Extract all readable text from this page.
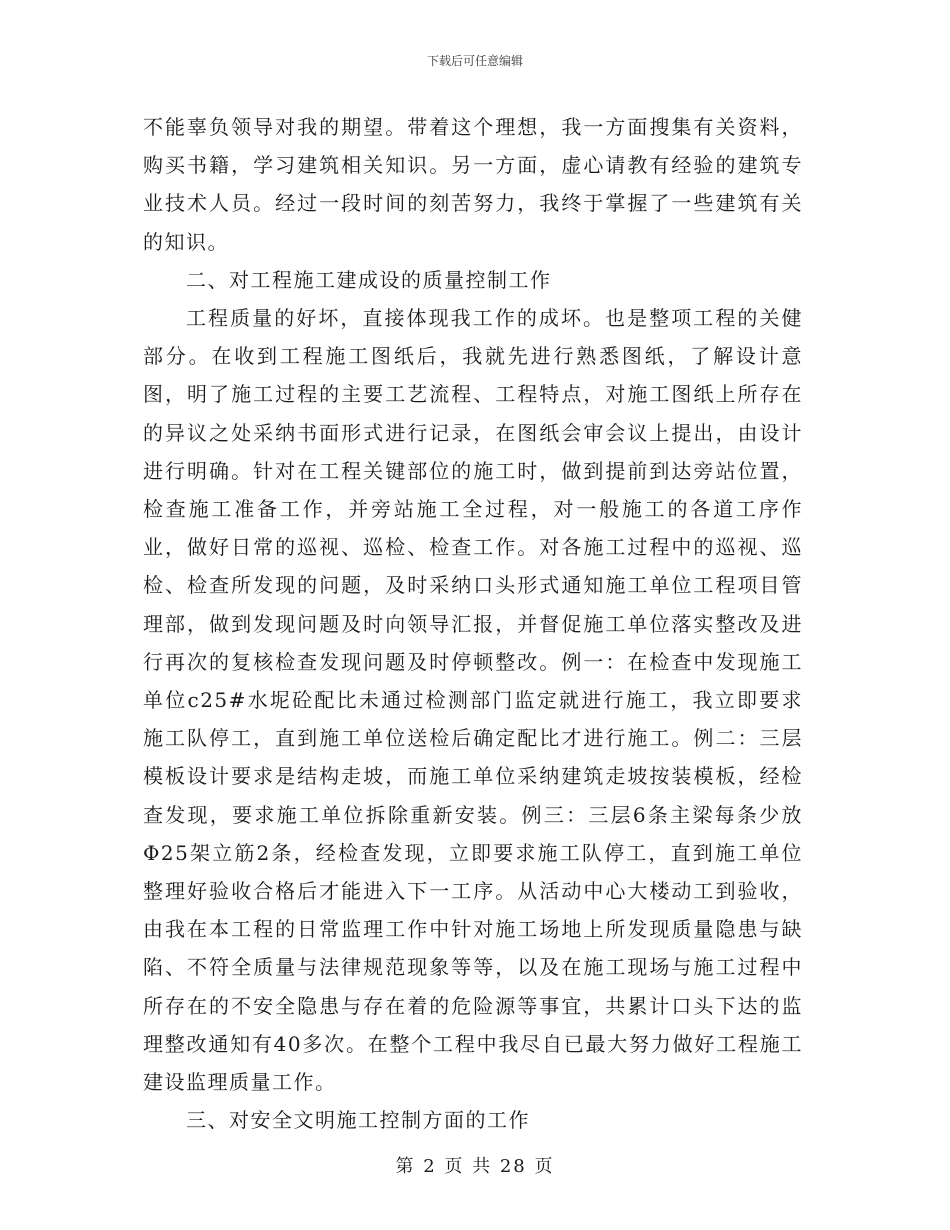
下载后可任意编辑

不能辜负领导对我的期望。带着这个理想，我一方面搜集有关资料，购买书籍，学习建筑相关知识。另一方面，虚心请教有经验的建筑专业技术人员。经过一段时间的刻苦努力，我终于掌握了一些建筑有关的知识。

二、对工程施工建成设的质量控制工作

工程质量的好坏，直接体现我工作的成坏。也是整项工程的关健部分。在收到工程施工图纸后，我就先进行熟悉图纸，了解设计意图，明了施工过程的主要工艺流程、工程特点，对施工图纸上所存在的异议之处采纳书面形式进行记录，在图纸会审会议上提出，由设计进行明确。针对在工程关键部位的施工时，做到提前到达旁站位置，检查施工准备工作，并旁站施工全过程，对一般施工的各道工序作业，做好日常的巡视、巡检、检查工作。对各施工过程中的巡视、巡检、检查所发现的问题，及时采纳口头形式通知施工单位工程项目管理部，做到发现问题及时向领导汇报，并督促施工单位落实整改及进行再次的复核检查发现问题及时停顿整改。例一：在检查中发现施工单位c25#水坭砼配比未通过检测部门监定就进行施工，我立即要求施工队停工，直到施工单位送检后确定配比才进行施工。例二：三层模板设计要求是结构走坡，而施工单位采纳建筑走坡按装模板，经检查发现，要求施工单位拆除重新安装。例三：三层6条主梁每条少放Φ25架立筋2条，经检查发现，立即要求施工队停工，直到施工单位整理好验收合格后才能进入下一工序。从活动中心大楼动工到验收，由我在本工程的日常监理工作中针对施工场地上所发现质量隐患与缺陷、不符全质量与法律规范现象等等，以及在施工现场与施工过程中所存在的不安全隐患与存在着的危险源等事宜，共累计口头下达的监理整改通知有40多次。在整个工程中我尽自已最大努力做好工程施工建设监理质量工作。

三、对安全文明施工控制方面的工作

第 2 页 共 28 页
